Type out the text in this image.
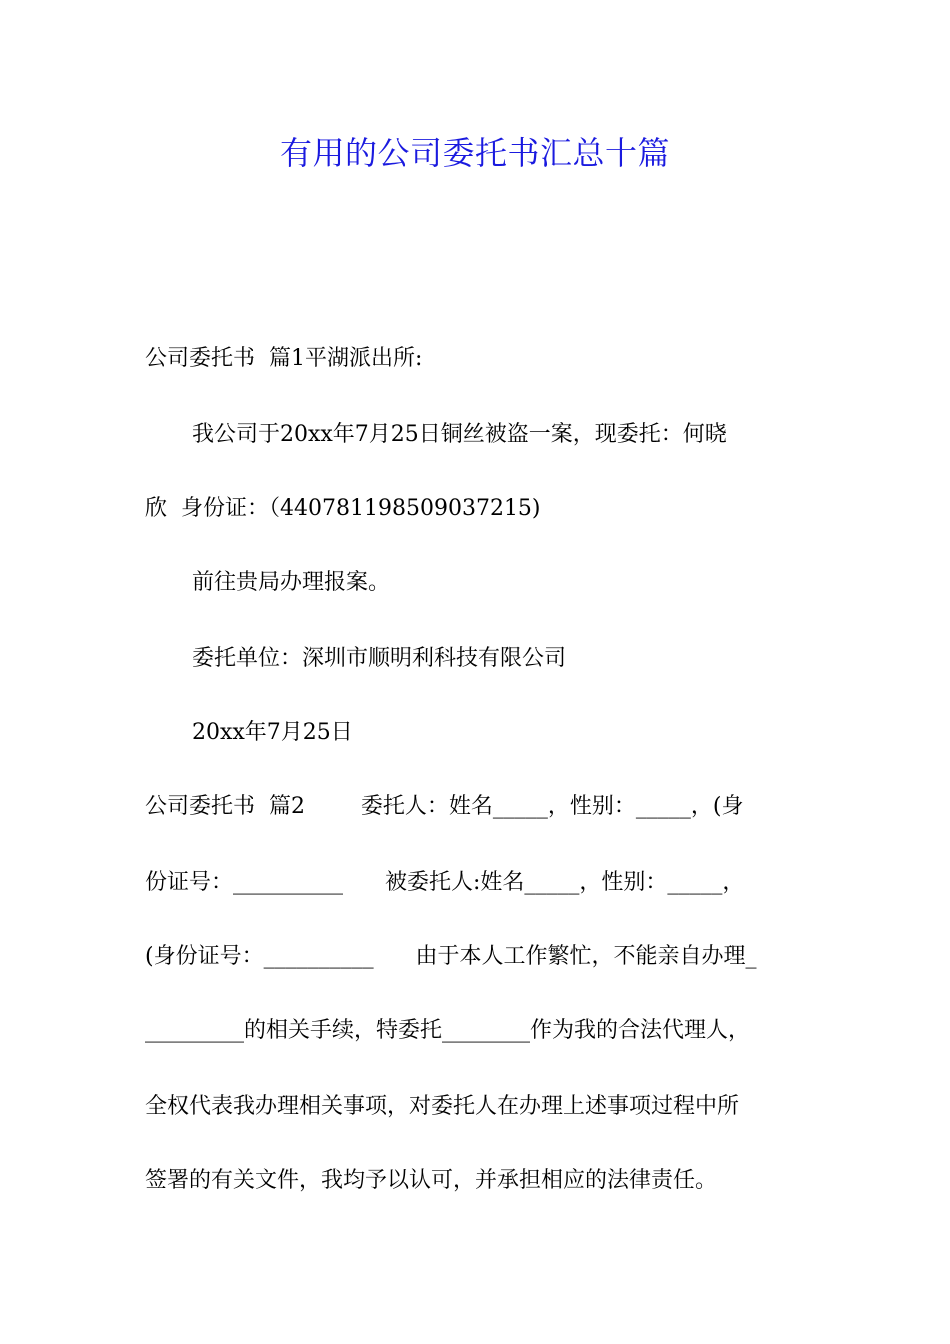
有用的公司委托书汇总十篇

公司委托书  篇1平湖派出所:

我公司于20xx年7月25日铜丝被盗一案，现委托：何晓

欣  身份证：（440781198509037215)

前往贵局办理报案。

委托单位：深圳市顺明利科技有限公司

20xx年7月25日

公司委托书  篇2        委托人：姓名_____，性别：_____，(身

份证号：__________      被委托人:姓名_____，性别：_____，

(身份证号：__________      由于本人工作繁忙，不能亲自办理_

_________的相关手续，特委托________作为我的合法代理人，

全权代表我办理相关事项，对委托人在办理上述事项过程中所

签署的有关文件，我均予以认可，并承担相应的法律责任。
